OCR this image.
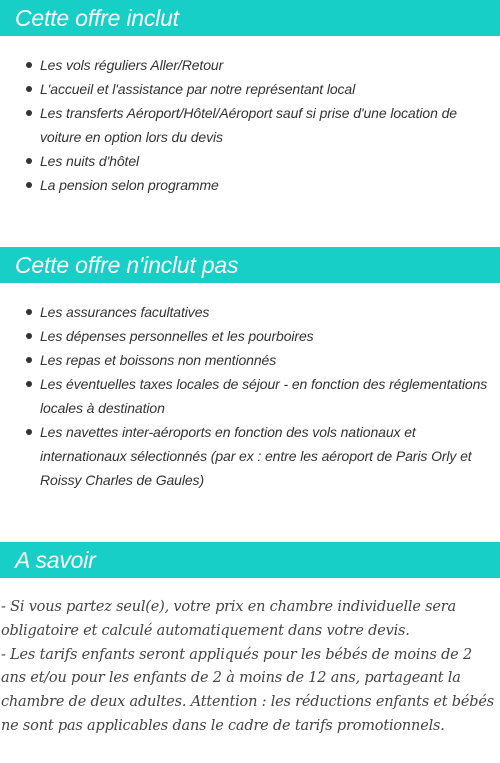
Cette offre inclut
Les vols réguliers Aller/Retour
L'accueil et l'assistance par notre représentant local
Les transferts Aéroport/Hôtel/Aéroport sauf si prise d'une location de voiture en option lors du devis
Les nuits d'hôtel
La pension selon programme
Cette offre n'inclut pas
Les assurances facultatives
Les dépenses personnelles et les pourboires
Les repas et boissons non mentionnés
Les éventuelles taxes locales de séjour - en fonction des réglementations locales à destination
Les navettes inter-aéroports en fonction des vols nationaux et internationaux sélectionnés (par ex : entre les aéroport de Paris Orly et Roissy Charles de Gaules)
A savoir

- Si vous partez seul(e), votre prix en chambre individuelle sera obligatoire et calculé automatiquement dans votre devis.

- Les tarifs enfants seront appliqués pour les bébés de moins de 2 ans et/ou pour les enfants de 2 à moins de 12 ans, partageant la chambre de deux adultes. Attention : les réductions enfants et bébés ne sont pas applicables dans le cadre de tarifs promotionnels.
